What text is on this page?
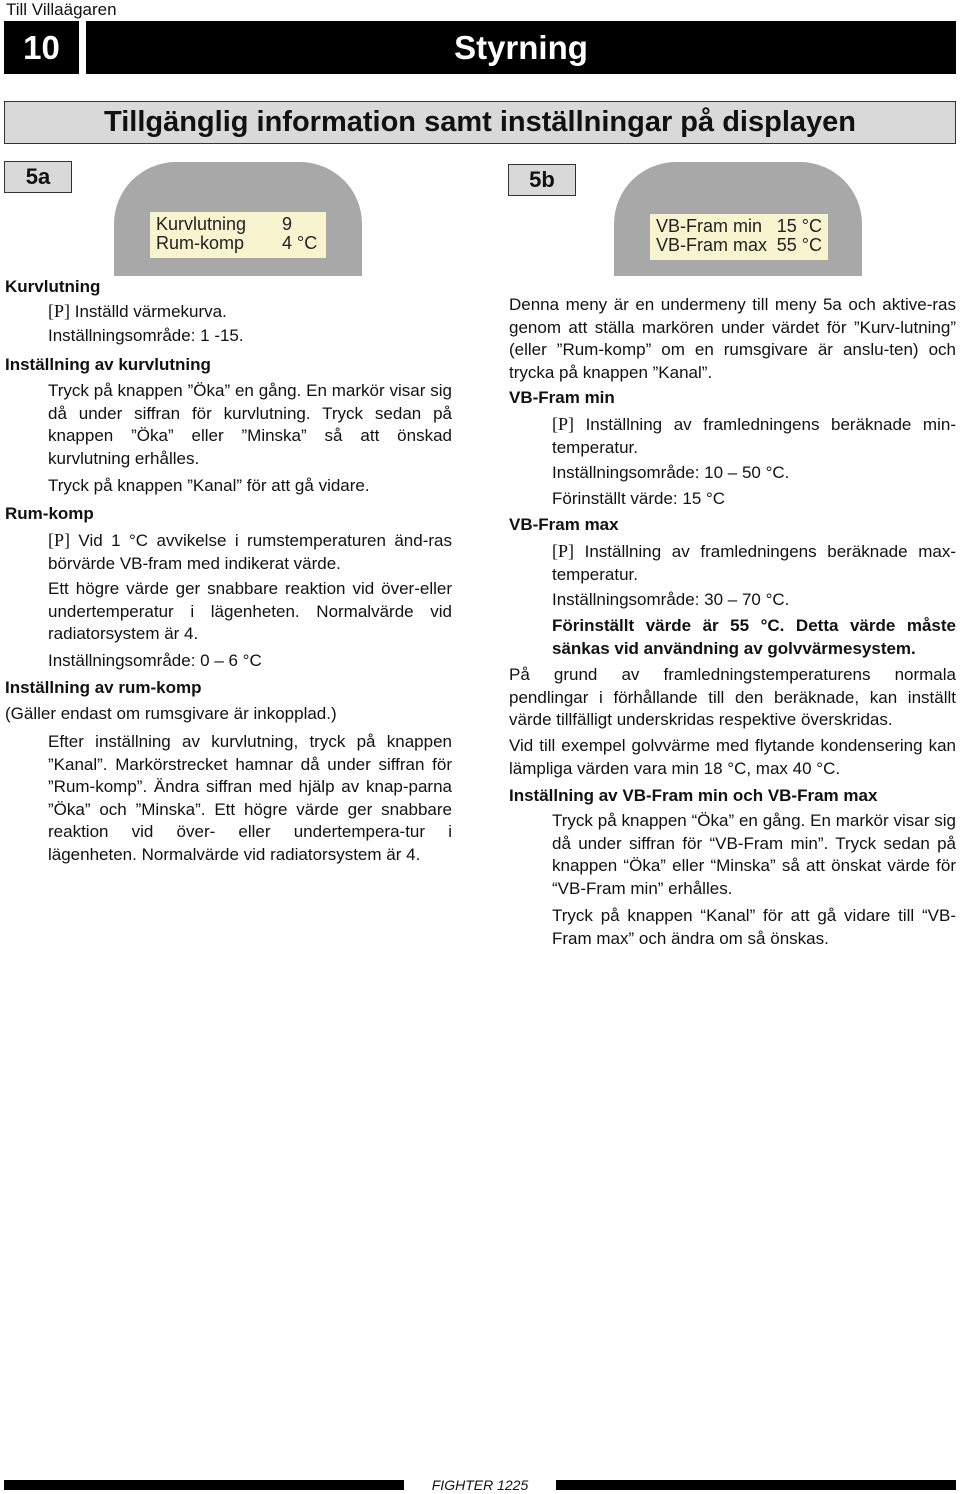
Till Villaägaren
10	Styrning
Tillgänglig information samt inställningar på displayen
5a
Kurvlutning 9
Rum-komp 4 °C
5b
VB-Fram min 15 °C
VB-Fram max 55 °C
Kurvlutning
[P] Inställd värmekurva.
Inställningsområde: 1 -15.
Inställning av kurvlutning
Tryck på knappen ”Öka” en gång. En markör visar sig då under siffran för kurvlutning. Tryck sedan på knappen ”Öka” eller ”Minska” så att önskad kurvlutning erhålles.
Tryck på knappen ”Kanal” för att gå vidare.
Rum-komp
[P] Vid 1 °C avvikelse i rumstemperaturen änd-ras börvärde VB-fram med indikerat värde.
Ett högre värde ger snabbare reaktion vid över-eller undertemperatur i lägenheten. Normalvärde vid radiatorsystem är 4.
Inställningsområde: 0 – 6 °C
Inställning av rum-komp
(Gäller endast om rumsgivare är inkopplad.)
Efter inställning av kurvlutning, tryck på knappen ”Kanal”. Markörstrecket hamnar då under siffran för ”Rum-komp”. Ändra siffran med hjälp av knap-parna ”Öka” och ”Minska”. Ett högre värde ger snabbare reaktion vid över- eller undertempera-tur i lägenheten. Normalvärde vid radiatorsystem är 4.
Denna meny är en undermeny till meny 5a och aktive-ras genom att ställa markören under värdet för ”Kurv-lutning” (eller ”Rum-komp” om en rumsgivare är anslu-ten) och trycka på knappen ”Kanal”.
VB-Fram min
[P] Inställning av framledningens beräknade min-temperatur.
Inställningsområde: 10 – 50 °C.
Förinställt värde: 15 °C
VB-Fram max
[P] Inställning av framledningens beräknade max-temperatur.
Inställningsområde: 30 – 70 °C.
Förinställt värde är 55 °C. Detta värde måste sänkas vid användning av golvvärmesystem.
På grund av framledningstemperaturens normala pendlingar i förhållande till den beräknade, kan inställt värde tillfälligt underskridas respektive överskridas.
Vid till exempel golvvärme med flytande kondensering kan lämpliga värden vara min 18 °C, max 40 °C.
Inställning av VB-Fram min och VB-Fram max
Tryck på knappen “Öka” en gång. En markör visar sig då under siffran för “VB-Fram min”. Tryck sedan på knappen “Öka” eller “Minska” så att önskat värde för “VB-Fram min” erhålles.
Tryck på knappen “Kanal” för att gå vidare till “VB-Fram max” och ändra om så önskas.
FIGHTER 1225
